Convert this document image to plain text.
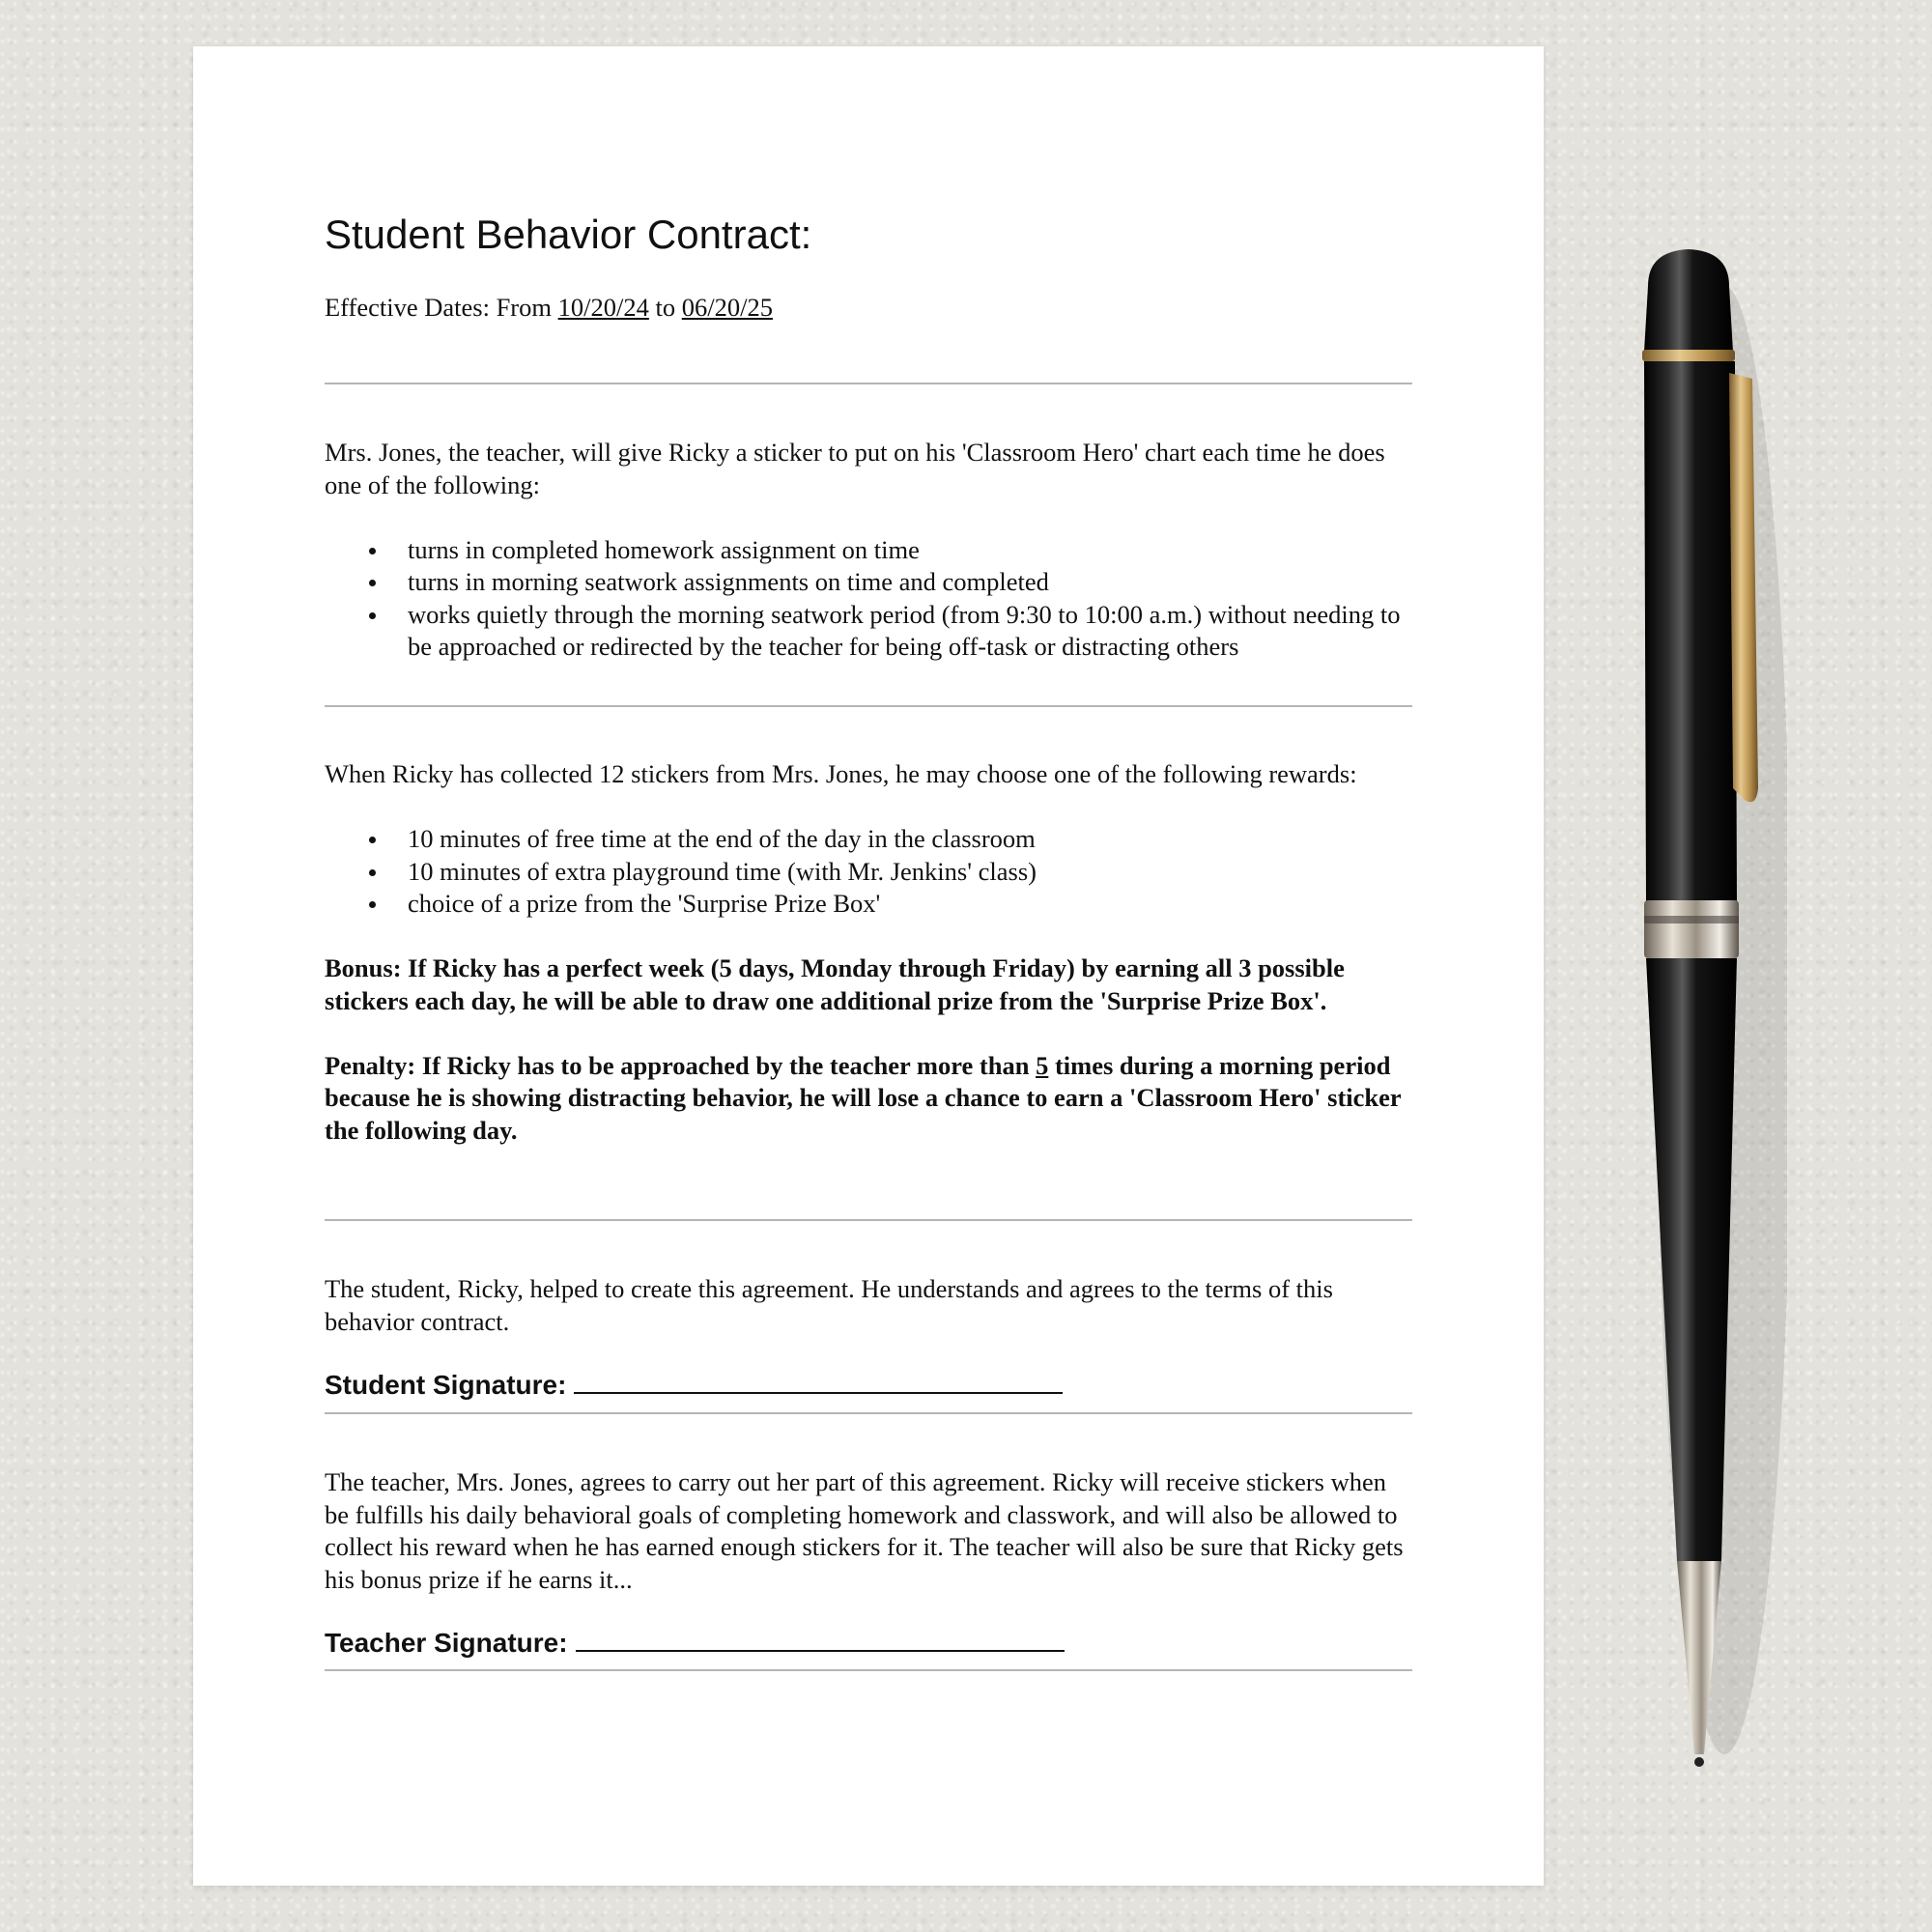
Student Behavior Contract:
Effective Dates: From 10/20/24 to 06/20/25

Mrs. Jones, the teacher, will give Ricky a sticker to put on his 'Classroom Hero' chart each time he does one of the following:

turns in completed homework assignment on time
turns in morning seatwork assignments on time and completed
works quietly through the morning seatwork period (from 9:30 to 10:00 a.m.) without needing to be approached or redirected by the teacher for being off-task or distracting others

When Ricky has collected 12 stickers from Mrs. Jones, he may choose one of the following rewards:

10 minutes of free time at the end of the day in the classroom
10 minutes of extra playground time (with Mr. Jenkins' class)
choice of a prize from the 'Surprise Prize Box'

Bonus: If Ricky has a perfect week (5 days, Monday through Friday) by earning all 3 possible stickers each day, he will be able to draw one additional prize from the 'Surprise Prize Box'.

Penalty: If Ricky has to be approached by the teacher more than 5 times during a morning period because he is showing distracting behavior, he will lose a chance to earn a 'Classroom Hero' sticker the following day.

The student, Ricky, helped to create this agreement. He understands and agrees to the terms of this behavior contract.

Student Signature:

The teacher, Mrs. Jones, agrees to carry out her part of this agreement. Ricky will receive stickers when be fulfills his daily behavioral goals of completing homework and classwork, and will also be allowed to collect his reward when he has earned enough stickers for it. The teacher will also be sure that Ricky gets his bonus prize if he earns it...

Teacher Signature:
